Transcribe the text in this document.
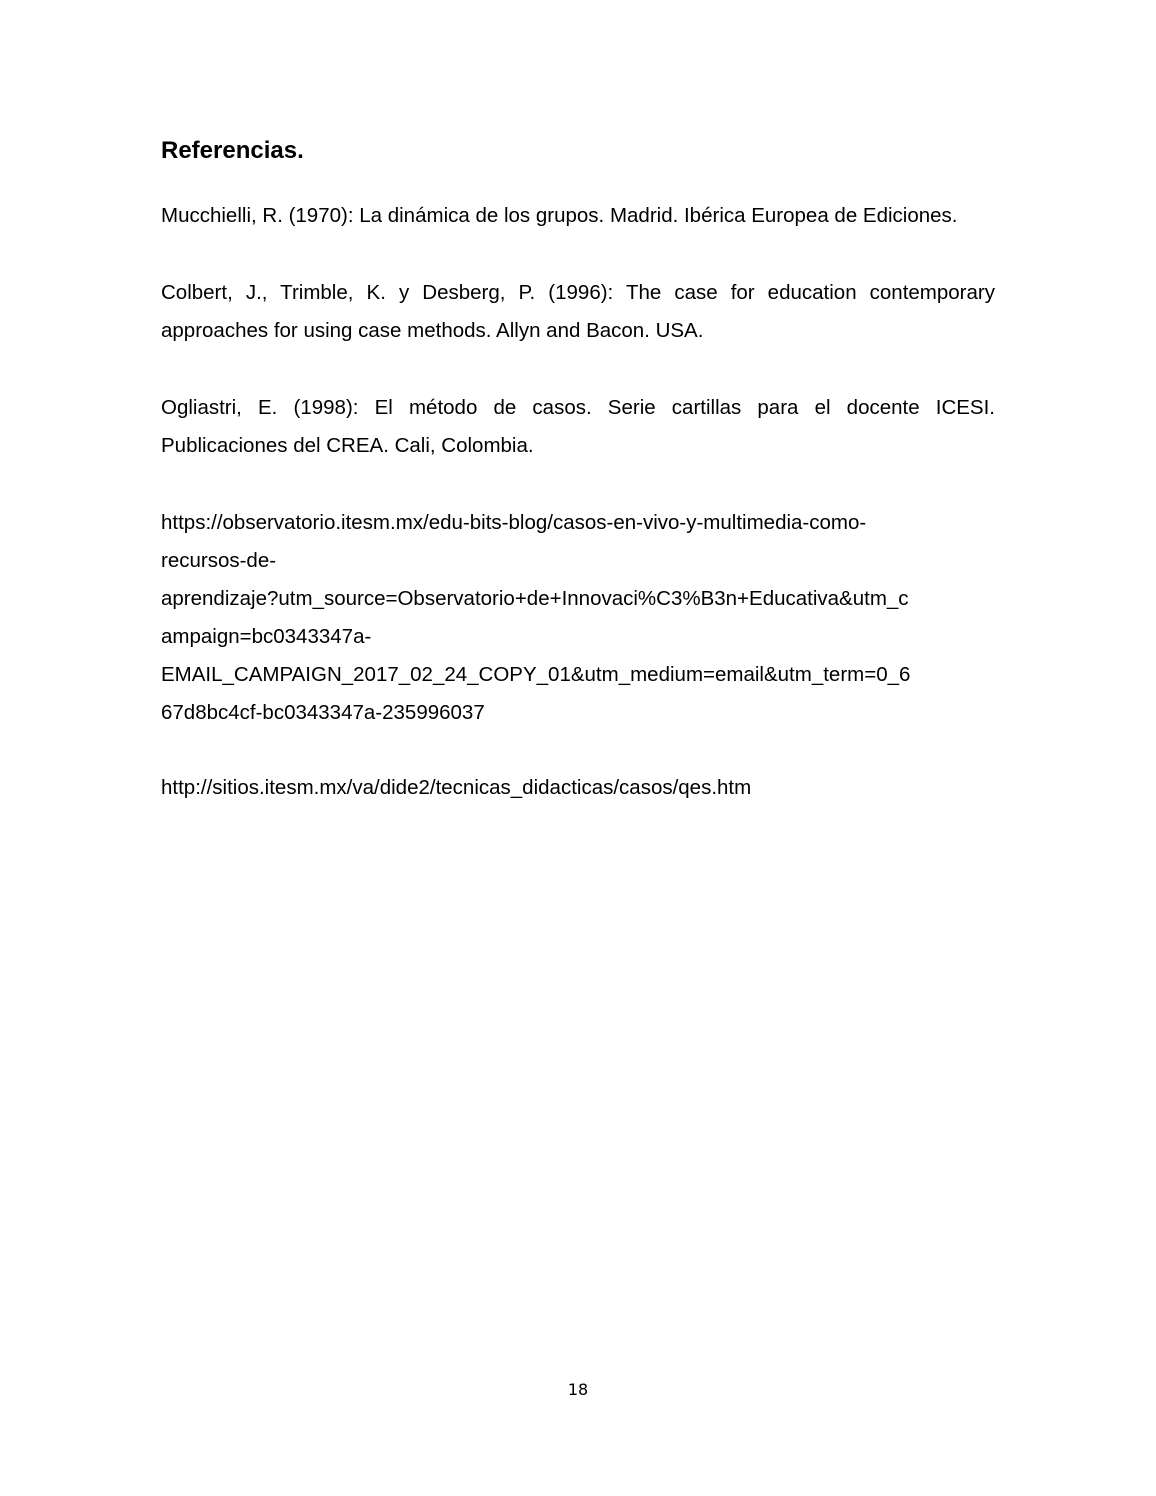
Referencias.

Mucchielli, R. (1970): La dinámica de los grupos. Madrid. Ibérica Europea de Ediciones.

Colbert, J., Trimble, K. y Desberg, P. (1996): The case for education contemporary approaches for using case methods. Allyn and Bacon. USA.

Ogliastri, E. (1998): El método de casos. Serie cartillas para el docente ICESI. Publicaciones del CREA. Cali, Colombia.

https://observatorio.itesm.mx/edu-bits-blog/casos-en-vivo-y-multimedia-como-
recursos-de-
aprendizaje?utm_source=Observatorio+de+Innovaci%C3%B3n+Educativa&utm_c
ampaign=bc0343347a-
EMAIL_CAMPAIGN_2017_02_24_COPY_01&utm_medium=email&utm_term=0_6
67d8bc4cf-bc0343347a-235996037

http://sitios.itesm.mx/va/dide2/tecnicas_didacticas/casos/qes.htm

18
